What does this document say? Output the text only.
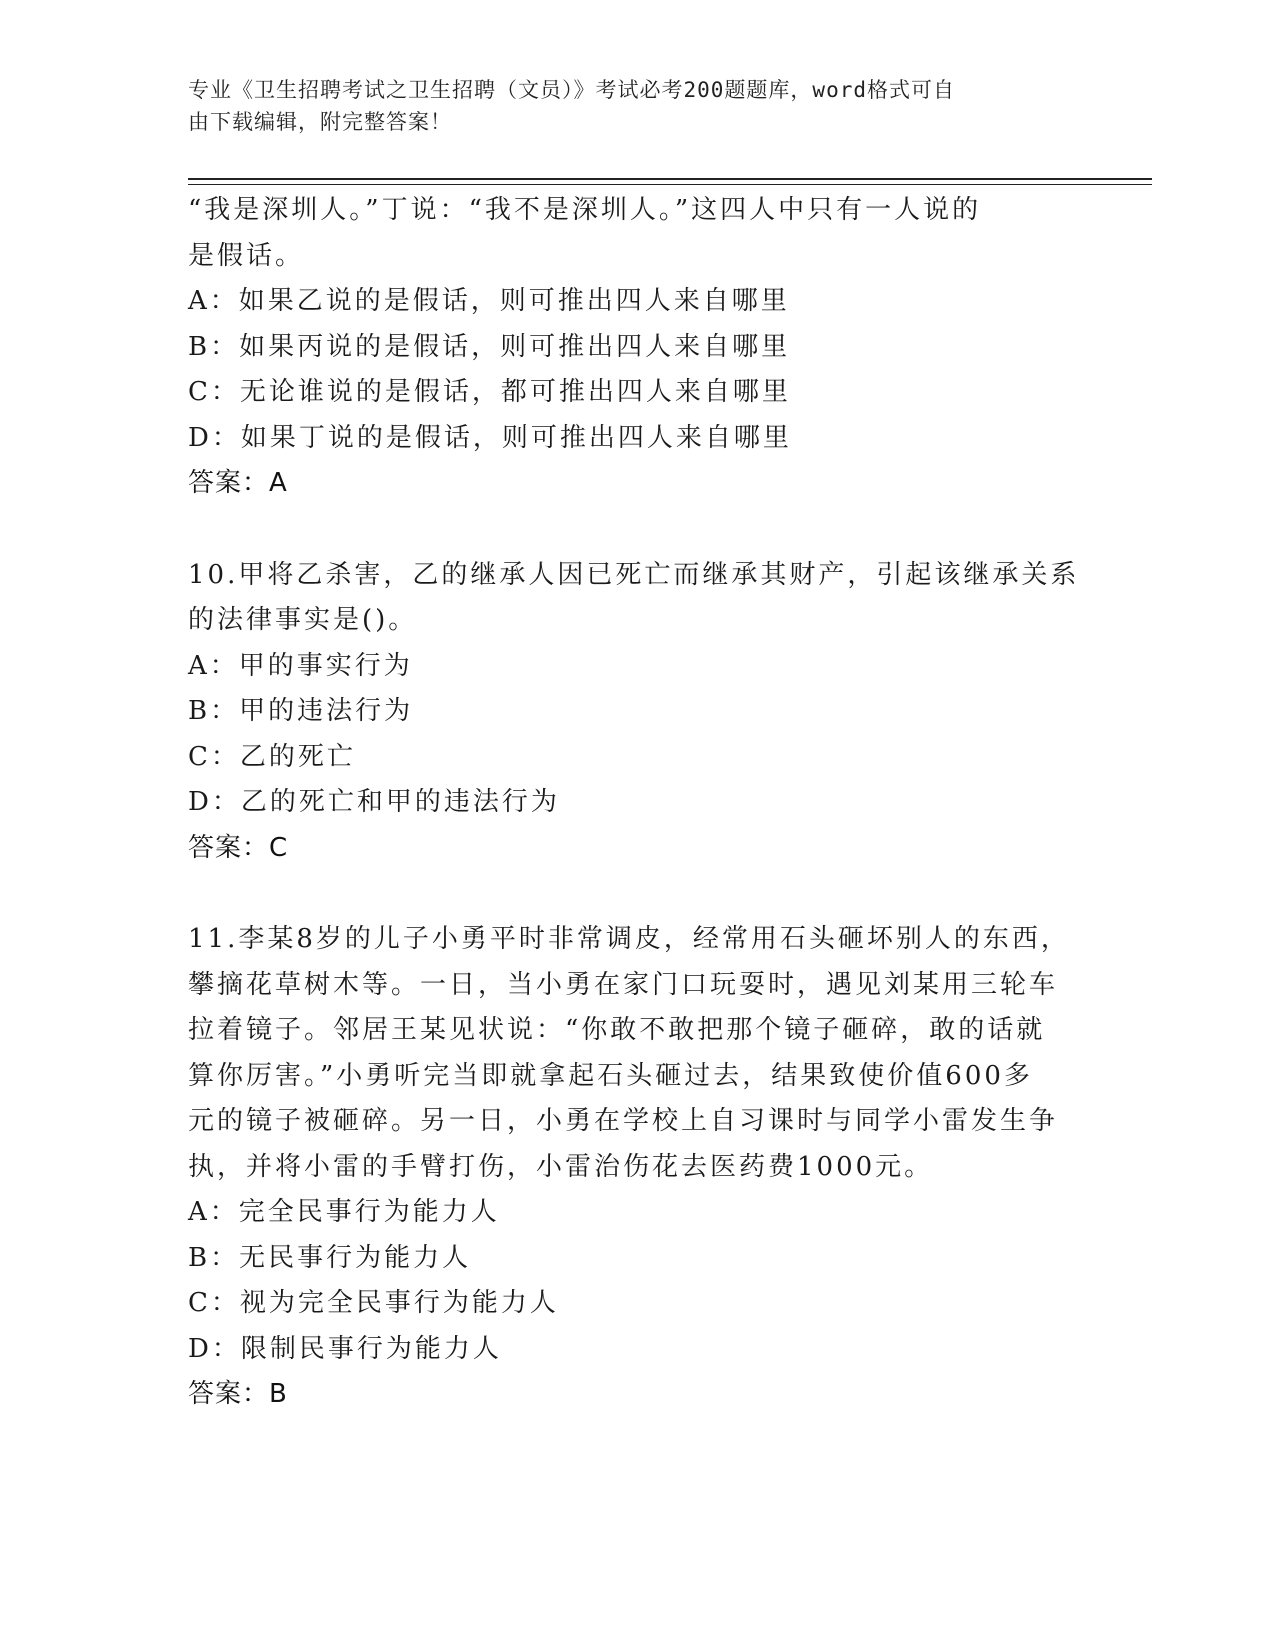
专业《卫生招聘考试之卫生招聘（文员）》考试必考200题题库，word格式可自
由下载编辑，附完整答案！
“我是深圳人。”丁说：“我不是深圳人。”这四人中只有一人说的
是假话。
A：如果乙说的是假话，则可推出四人来自哪里
B：如果丙说的是假话，则可推出四人来自哪里
C：无论谁说的是假话，都可推出四人来自哪里
D：如果丁说的是假话，则可推出四人来自哪里
答案：A
10.甲将乙杀害，乙的继承人因已死亡而继承其财产，引起该继承关系
的法律事实是()。
A：甲的事实行为
B：甲的违法行为
C：乙的死亡
D：乙的死亡和甲的违法行为
答案：C
11.李某8岁的儿子小勇平时非常调皮，经常用石头砸坏别人的东西，
攀摘花草树木等。一日，当小勇在家门口玩耍时，遇见刘某用三轮车
拉着镜子。邻居王某见状说：“你敢不敢把那个镜子砸碎，敢的话就
算你厉害。”小勇听完当即就拿起石头砸过去，结果致使价值600多
元的镜子被砸碎。另一日，小勇在学校上自习课时与同学小雷发生争
执，并将小雷的手臂打伤，小雷治伤花去医药费1000元。
A：完全民事行为能力人
B：无民事行为能力人
C：视为完全民事行为能力人
D：限制民事行为能力人
答案：B
